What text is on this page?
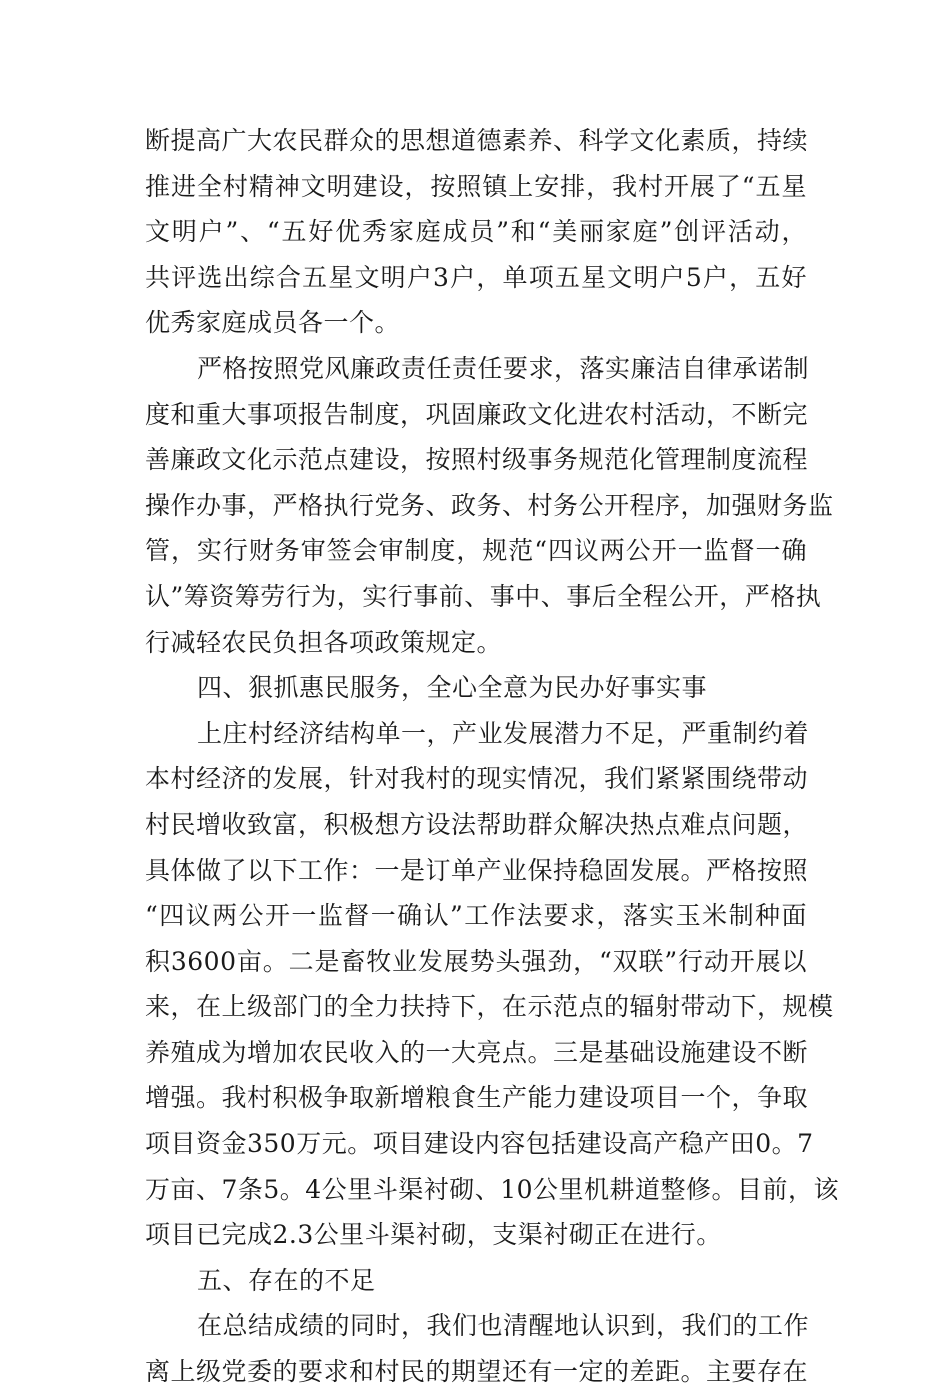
断提高广大农民群众的思想道德素养、科学文化素质，持续
推进全村精神文明建设，按照镇上安排，我村开展了“五星
文明户”、“五好优秀家庭成员”和“美丽家庭”创评活动，
共评选出综合五星文明户3户，单项五星文明户5户，五好
优秀家庭成员各一个。
严格按照党风廉政责任责任要求，落实廉洁自律承诺制
度和重大事项报告制度，巩固廉政文化进农村活动，不断完
善廉政文化示范点建设，按照村级事务规范化管理制度流程
操作办事，严格执行党务、政务、村务公开程序，加强财务监
管，实行财务审签会审制度，规范“四议两公开一监督一确
认”筹资筹劳行为，实行事前、事中、事后全程公开，严格执
行减轻农民负担各项政策规定。
四、狠抓惠民服务，全心全意为民办好事实事
上庄村经济结构单一，产业发展潜力不足，严重制约着
本村经济的发展，针对我村的现实情况，我们紧紧围绕带动
村民增收致富，积极想方设法帮助群众解决热点难点问题，
具体做了以下工作：一是订单产业保持稳固发展。严格按照
“四议两公开一监督一确认”工作法要求，落实玉米制种面
积3600亩。二是畜牧业发展势头强劲，“双联”行动开展以
来，在上级部门的全力扶持下，在示范点的辐射带动下，规模
养殖成为增加农民收入的一大亮点。三是基础设施建设不断
增强。我村积极争取新增粮食生产能力建设项目一个，争取
项目资金350万元。项目建设内容包括建设高产稳产田0。7
万亩、7条5。4公里斗渠衬砌、10公里机耕道整修。目前，该
项目已完成2.3公里斗渠衬砌，支渠衬砌正在进行。
五、存在的不足
在总结成绩的同时，我们也清醒地认识到，我们的工作
离上级党委的要求和村民的期望还有一定的差距。主要存在
